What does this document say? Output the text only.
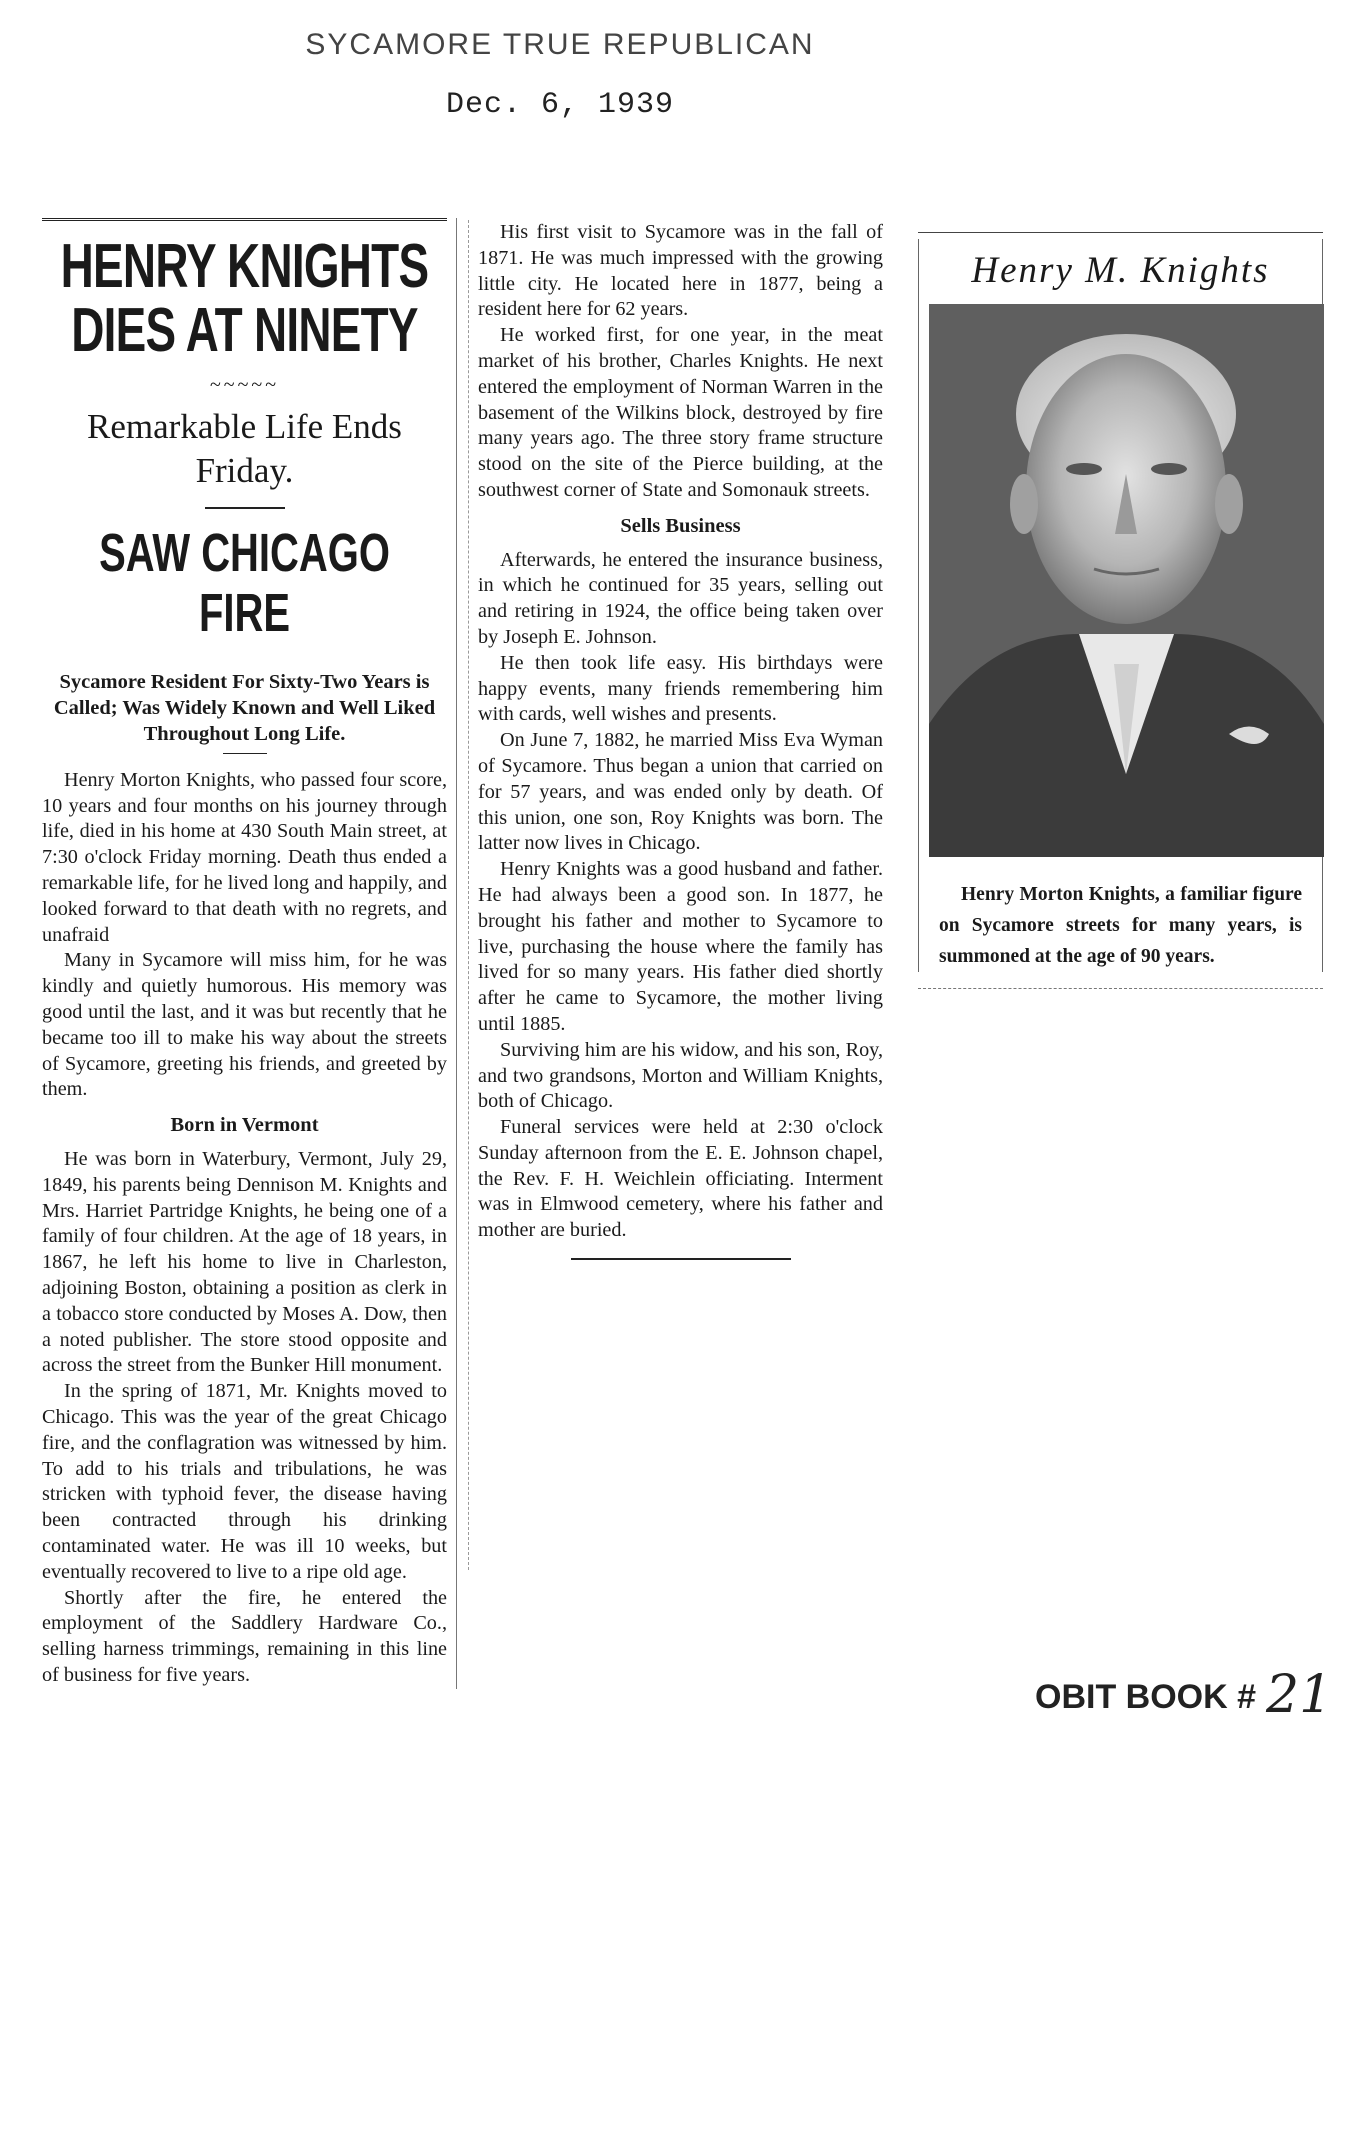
SYCAMORE TRUE REPUBLICAN
Dec. 6, 1939
HENRY KNIGHTS DIES AT NINETY
~~~~~
Remarkable Life Ends Friday.
SAW CHICAGO FIRE
Sycamore Resident For Sixty-Two Years is Called; Was Widely Known and Well Liked Throughout Long Life.

Henry Morton Knights, who passed four score, 10 years and four months on his journey through life, died in his home at 430 South Main street, at 7:30 o'clock Friday morning. Death thus ended a remarkable life, for he lived long and happily, and looked forward to that death with no regrets, and unafraid

Many in Sycamore will miss him, for he was kindly and quietly humorous. His memory was good until the last, and it was but recently that he became too ill to make his way about the streets of Sycamore, greeting his friends, and greeted by them.

Born in Vermont

He was born in Waterbury, Vermont, July 29, 1849, his parents being Dennison M. Knights and Mrs. Harriet Partridge Knights, he being one of a family of four children. At the age of 18 years, in 1867, he left his home to live in Charleston, adjoining Boston, obtaining a position as clerk in a tobacco store conducted by Moses A. Dow, then a noted publisher. The store stood opposite and across the street from the Bunker Hill monument.

In the spring of 1871, Mr. Knights moved to Chicago. This was the year of the great Chicago fire, and the conflagration was witnessed by him. To add to his trials and tribulations, he was stricken with typhoid fever, the disease having been contracted through his drinking contaminated water. He was ill 10 weeks, but eventually recovered to live to a ripe old age.

Shortly after the fire, he entered the employment of the Saddlery Hardware Co., selling harness trimmings, remaining in this line of business for five years.

His first visit to Sycamore was in the fall of 1871. He was much impressed with the growing little city. He located here in 1877, being a resident here for 62 years.

He worked first, for one year, in the meat market of his brother, Charles Knights. He next entered the employment of Norman Warren in the basement of the Wilkins block, destroyed by fire many years ago. The three story frame structure stood on the site of the Pierce building, at the southwest corner of State and Somonauk streets.

Sells Business

Afterwards, he entered the insurance business, in which he continued for 35 years, selling out and retiring in 1924, the office being taken over by Joseph E. Johnson.

He then took life easy. His birthdays were happy events, many friends remembering him with cards, well wishes and presents.

On June 7, 1882, he married Miss Eva Wyman of Sycamore. Thus began a union that carried on for 57 years, and was ended only by death. Of this union, one son, Roy Knights was born. The latter now lives in Chicago.

Henry Knights was a good husband and father. He had always been a good son. In 1877, he brought his father and mother to Sycamore to live, purchasing the house where the family has lived for so many years. His father died shortly after he came to Sycamore, the mother living until 1885.

Surviving him are his widow, and his son, Roy, and two grandsons, Morton and William Knights, both of Chicago.

Funeral services were held at 2:30 o'clock Sunday afternoon from the E. E. Johnson chapel, the Rev. F. H. Weichlein officiating. Interment was in Elmwood cemetery, where his father and mother are buried.

Henry M. Knights
Henry Morton Knights, a familiar figure on Sycamore streets for many years, is summoned at the age of 90 years.
OBIT BOOK # 21
